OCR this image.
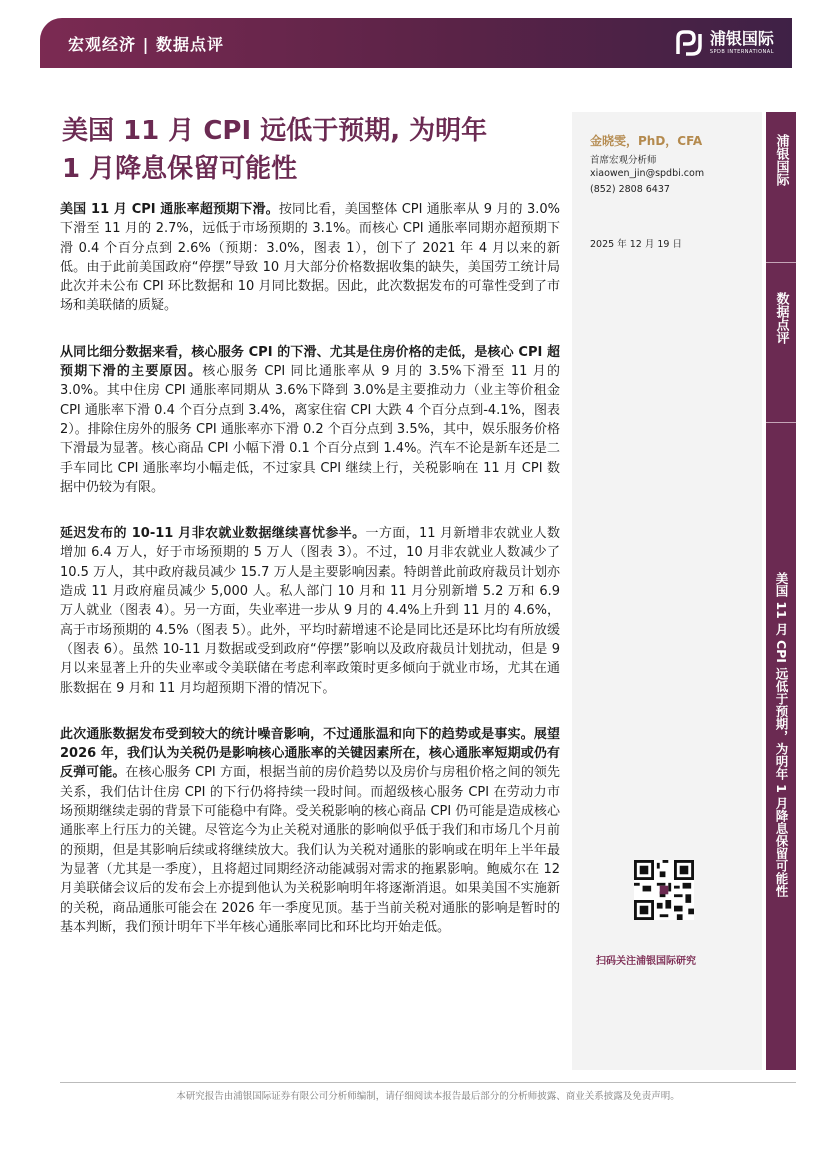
宏观经济 | 数据点评	浦银国际
SPDB INTERNATIONAL
美国 11 月 CPI 远低于预期, 为明年
1 月降息保留可能性

美国 11 月 CPI 通胀率超预期下滑。按同比看，美国整体 CPI 通胀率从 9 月的 3.0%下滑至 11 月的 2.7%，远低于市场预期的 3.1%。而核心 CPI 通胀率同期亦超预期下滑 0.4 个百分点到 2.6%（预期：3.0%，图表 1），创下了 2021 年 4 月以来的新低。由于此前美国政府“停摆”导致 10 月大部分价格数据收集的缺失，美国劳工统计局此次并未公布 CPI 环比数据和 10 月同比数据。因此，此次数据发布的可靠性受到了市场和美联储的质疑。

从同比细分数据来看，核心服务 CPI 的下滑、尤其是住房价格的走低，是核心 CPI 超预期下滑的主要原因。核心服务 CPI 同比通胀率从 9 月的 3.5%下滑至 11 月的 3.0%。其中住房 CPI 通胀率同期从 3.6%下降到 3.0%是主要推动力（业主等价租金 CPI 通胀率下滑 0.4 个百分点到 3.4%，离家住宿 CPI 大跌 4 个百分点到-4.1%，图表 2）。排除住房外的服务 CPI 通胀率亦下滑 0.2 个百分点到 3.5%，其中，娱乐服务价格下滑最为显著。核心商品 CPI 小幅下滑 0.1 个百分点到 1.4%。汽车不论是新车还是二手车同比 CPI 通胀率均小幅走低，不过家具 CPI 继续上行，关税影响在 11 月 CPI 数据中仍较为有限。

延迟发布的 10-11 月非农就业数据继续喜忧参半。一方面，11 月新增非农就业人数增加 6.4 万人，好于市场预期的 5 万人（图表 3）。不过，10 月非农就业人数减少了 10.5 万人，其中政府裁员减少 15.7 万人是主要影响因素。特朗普此前政府裁员计划亦造成 11 月政府雇员减少 5,000 人。私人部门 10 月和 11 月分别新增 5.2 万和 6.9 万人就业（图表 4）。另一方面，失业率进一步从 9 月的 4.4%上升到 11 月的 4.6%，高于市场预期的 4.5%（图表 5）。此外，平均时薪增速不论是同比还是环比均有所放缓（图表 6）。虽然 10-11 月数据或受到政府“停摆”影响以及政府裁员计划扰动，但是 9 月以来显著上升的失业率或令美联储在考虑利率政策时更多倾向于就业市场，尤其在通胀数据在 9 月和 11 月均超预期下滑的情况下。

此次通胀数据发布受到较大的统计噪音影响，不过通胀温和向下的趋势或是事实。展望 2026 年，我们认为关税仍是影响核心通胀率的关键因素所在，核心通胀率短期或仍有反弹可能。在核心服务 CPI 方面，根据当前的房价趋势以及房价与房租价格之间的领先关系，我们估计住房 CPI 的下行仍将持续一段时间。而超级核心服务 CPI 在劳动力市场预期继续走弱的背景下可能稳中有降。受关税影响的核心商品 CPI 仍可能是造成核心通胀率上行压力的关键。尽管迄今为止关税对通胀的影响似乎低于我们和市场几个月前的预期，但是其影响后续或将继续放大。我们认为关税对通胀的影响或在明年上半年最为显著（尤其是一季度），且将超过同期经济动能减弱对需求的拖累影响。鲍威尔在 12 月美联储会议后的发布会上亦提到他认为关税影响明年将逐渐消退。如果美国不实施新的关税，商品通胀可能会在 2026 年一季度见顶。基于当前关税对通胀的影响是暂时的基本判断，我们预计明年下半年核心通胀率同比和环比均开始走低。

金晓雯，PhD，CFA
首席宏观分析师
xiaowen_jin@spdbi.com
(852) 2808 6437
2025 年 12 月 19 日
扫码关注浦银国际研究
浦银国际
数据点评
美国 11 月 CPI 远低于预期，为明年 1 月降息保留可能性
本研究报告由浦银国际证券有限公司分析师编制，请仔细阅读本报告最后部分的分析师披露、商业关系披露及免责声明。
